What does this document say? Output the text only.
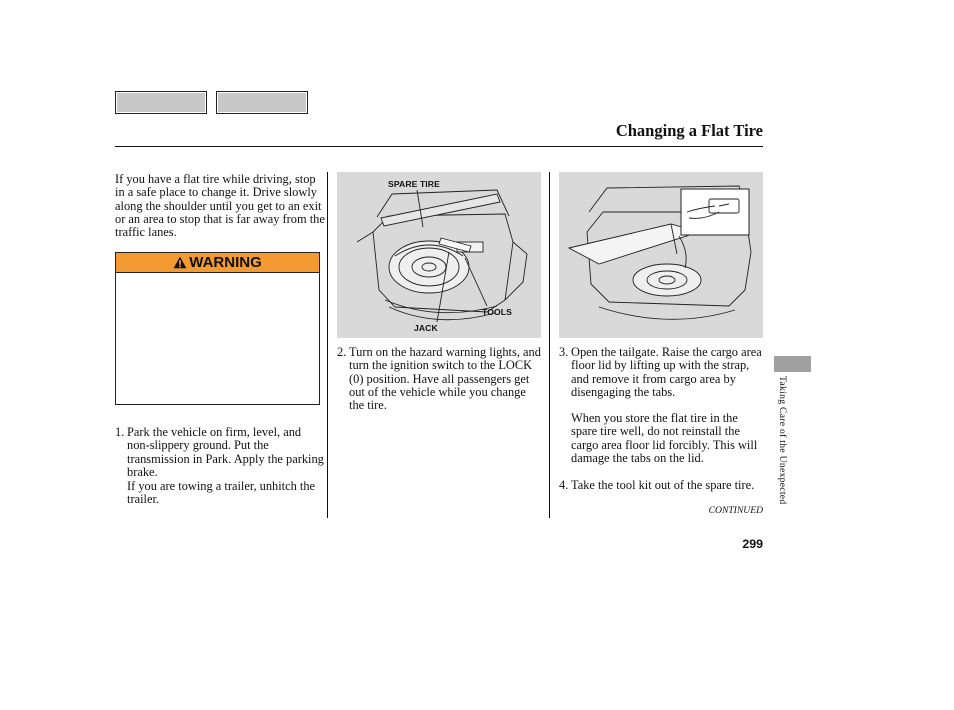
Changing a Flat Tire

If you have a flat tire while driving, stop in a safe place to change it. Drive slowly along the shoulder until you get to an exit or an area to stop that is far away from the traffic lanes.

WARNING
1. Park the vehicle on firm, level, and non-slippery ground. Put the transmission in Park. Apply the parking brake.
If you are towing a trailer, unhitch the trailer.
SPARE TIRE
TOOLS
JACK
2. Turn on the hazard warning lights, and turn the ignition switch to the LOCK (0) position. Have all passengers get out of the vehicle while you change the tire.
3. Open the tailgate. Raise the cargo area floor lid by lifting up with the strap, and remove it from cargo area by disengaging the tabs.
When you store the flat tire in the spare tire well, do not reinstall the cargo area floor lid forcibly. This will damage the tabs on the lid.
4. Take the tool kit out of the spare tire.
CONTINUED
299
Taking Care of the Unexpected
